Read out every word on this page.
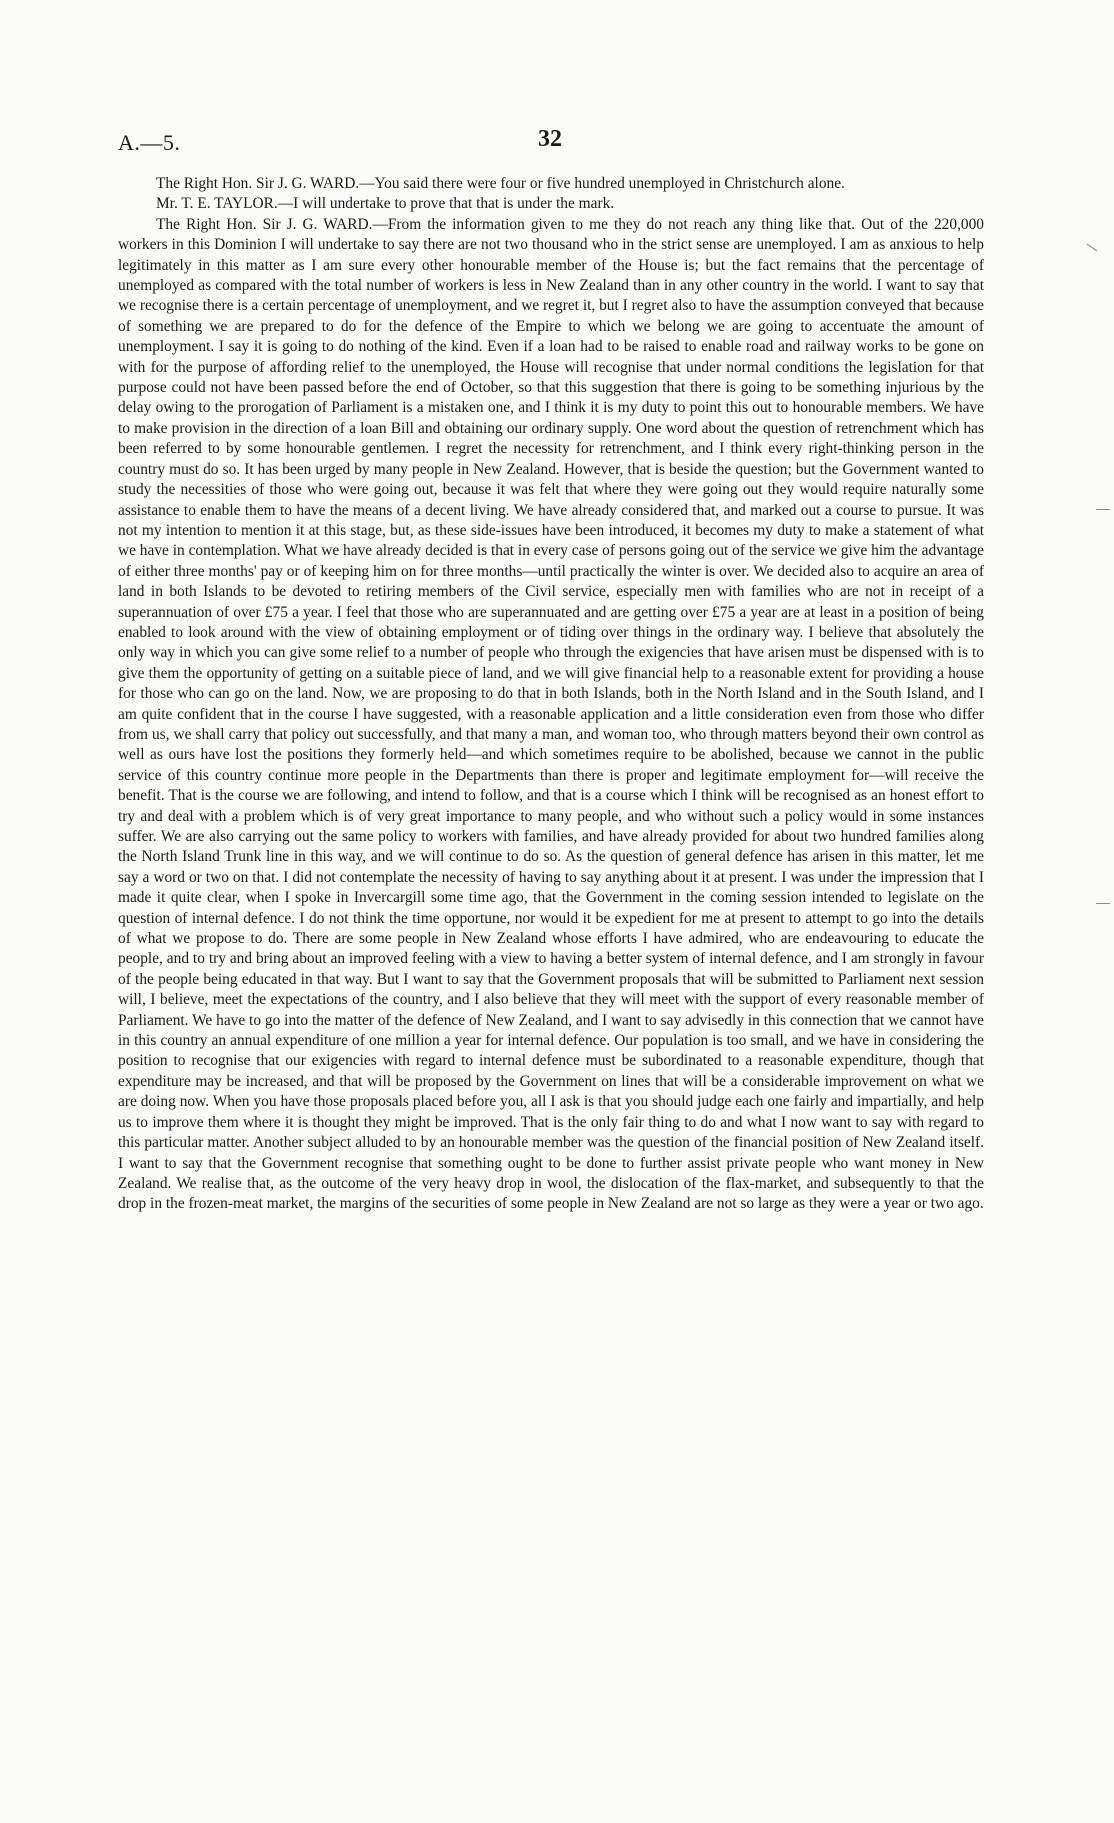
A.—5.	32

The Right Hon. Sir J. G. WARD.—You said there were four or five hundred unemployed in Christchurch alone.

Mr. T. E. TAYLOR.—I will undertake to prove that that is under the mark.

The Right Hon. Sir J. G. WARD.—From the information given to me they do not reach any thing like that. Out of the 220,000 workers in this Dominion I will undertake to say there are not two thousand who in the strict sense are unemployed. I am as anxious to help legitimately in this matter as I am sure every other honourable member of the House is; but the fact remains that the percentage of unemployed as compared with the total number of workers is less in New Zealand than in any other country in the world. I want to say that we recognise there is a certain percentage of unemployment, and we regret it, but I regret also to have the assumption conveyed that because of something we are prepared to do for the defence of the Empire to which we belong we are going to accentuate the amount of unemployment. I say it is going to do nothing of the kind. Even if a loan had to be raised to enable road and railway works to be gone on with for the purpose of affording relief to the unemployed, the House will recognise that under normal conditions the legislation for that purpose could not have been passed before the end of October, so that this suggestion that there is going to be something injurious by the delay owing to the prorogation of Parliament is a mistaken one, and I think it is my duty to point this out to honourable members. We have to make provision in the direction of a loan Bill and obtaining our ordinary supply. One word about the question of retrenchment which has been referred to by some honourable gentlemen. I regret the necessity for retrenchment, and I think every right-thinking person in the country must do so. It has been urged by many people in New Zealand. However, that is beside the question; but the Government wanted to study the necessities of those who were going out, because it was felt that where they were going out they would require naturally some assistance to enable them to have the means of a decent living. We have already considered that, and marked out a course to pursue. It was not my intention to mention it at this stage, but, as these side-issues have been introduced, it becomes my duty to make a statement of what we have in contemplation. What we have already decided is that in every case of persons going out of the service we give him the advantage of either three months' pay or of keeping him on for three months—until practically the winter is over. We decided also to acquire an area of land in both Islands to be devoted to retiring members of the Civil service, especially men with families who are not in receipt of a superannuation of over £75 a year. I feel that those who are superannuated and are getting over £75 a year are at least in a position of being enabled to look around with the view of obtaining employment or of tiding over things in the ordinary way. I believe that absolutely the only way in which you can give some relief to a number of people who through the exigencies that have arisen must be dispensed with is to give them the opportunity of getting on a suitable piece of land, and we will give financial help to a reasonable extent for providing a house for those who can go on the land. Now, we are proposing to do that in both Islands, both in the North Island and in the South Island, and I am quite confident that in the course I have suggested, with a reasonable application and a little consideration even from those who differ from us, we shall carry that policy out successfully, and that many a man, and woman too, who through matters beyond their own control as well as ours have lost the positions they formerly held—and which sometimes require to be abolished, because we cannot in the public service of this country continue more people in the Departments than there is proper and legitimate employment for—will receive the benefit. That is the course we are following, and intend to follow, and that is a course which I think will be recognised as an honest effort to try and deal with a problem which is of very great importance to many people, and who without such a policy would in some instances suffer. We are also carrying out the same policy to workers with families, and have already provided for about two hundred families along the North Island Trunk line in this way, and we will continue to do so. As the question of general defence has arisen in this matter, let me say a word or two on that. I did not contemplate the necessity of having to say anything about it at present. I was under the impression that I made it quite clear, when I spoke in Invercargill some time ago, that the Government in the coming session intended to legislate on the question of internal defence. I do not think the time opportune, nor would it be expedient for me at present to attempt to go into the details of what we propose to do. There are some people in New Zealand whose efforts I have admired, who are endeavouring to educate the people, and to try and bring about an improved feeling with a view to having a better system of internal defence, and I am strongly in favour of the people being educated in that way. But I want to say that the Government proposals that will be submitted to Parliament next session will, I believe, meet the expectations of the country, and I also believe that they will meet with the support of every reasonable member of Parliament. We have to go into the matter of the defence of New Zealand, and I want to say advisedly in this connection that we cannot have in this country an annual expenditure of one million a year for internal defence. Our population is too small, and we have in considering the position to recognise that our exigencies with regard to internal defence must be subordinated to a reasonable expenditure, though that expenditure may be increased, and that will be proposed by the Government on lines that will be a considerable improvement on what we are doing now. When you have those proposals placed before you, all I ask is that you should judge each one fairly and impartially, and help us to improve them where it is thought they might be improved. That is the only fair thing to do and what I now want to say with regard to this particular matter. Another subject alluded to by an honourable member was the question of the financial position of New Zealand itself. I want to say that the Government recognise that something ought to be done to further assist private people who want money in New Zealand. We realise that, as the outcome of the very heavy drop in wool, the dislocation of the flax-market, and subsequently to that the drop in the frozen-meat market, the margins of the securities of some people in New Zealand are not so large as they were a year or two ago.
